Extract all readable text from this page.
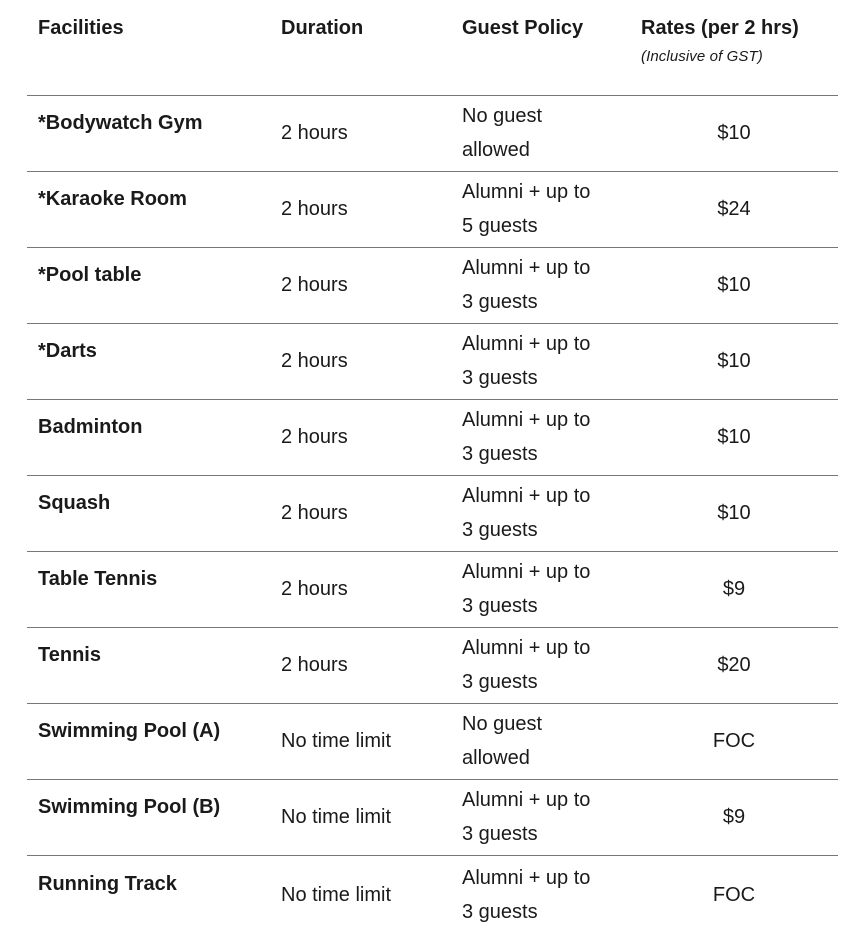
Facilities	Duration	Guest Policy	Rates (per 2 hrs)
(Inclusive of GST)

*Bodywatch Gym	2 hours	No guest
allowed	$10
*Karaoke Room	2 hours	Alumni + up to
5 guests	$24
*Pool table	2 hours	Alumni + up to
3 guests	$10
*Darts	2 hours	Alumni + up to
3 guests	$10
Badminton	2 hours	Alumni + up to
3 guests	$10
Squash	2 hours	Alumni + up to
3 guests	$10
Table Tennis	2 hours	Alumni + up to
3 guests	$9
Tennis	2 hours	Alumni + up to
3 guests	$20
Swimming Pool (A)	No time limit	No guest
allowed	FOC
Swimming Pool (B)	No time limit	Alumni + up to
3 guests	$9
Running Track	No time limit	Alumni + up to
3 guests	FOC
